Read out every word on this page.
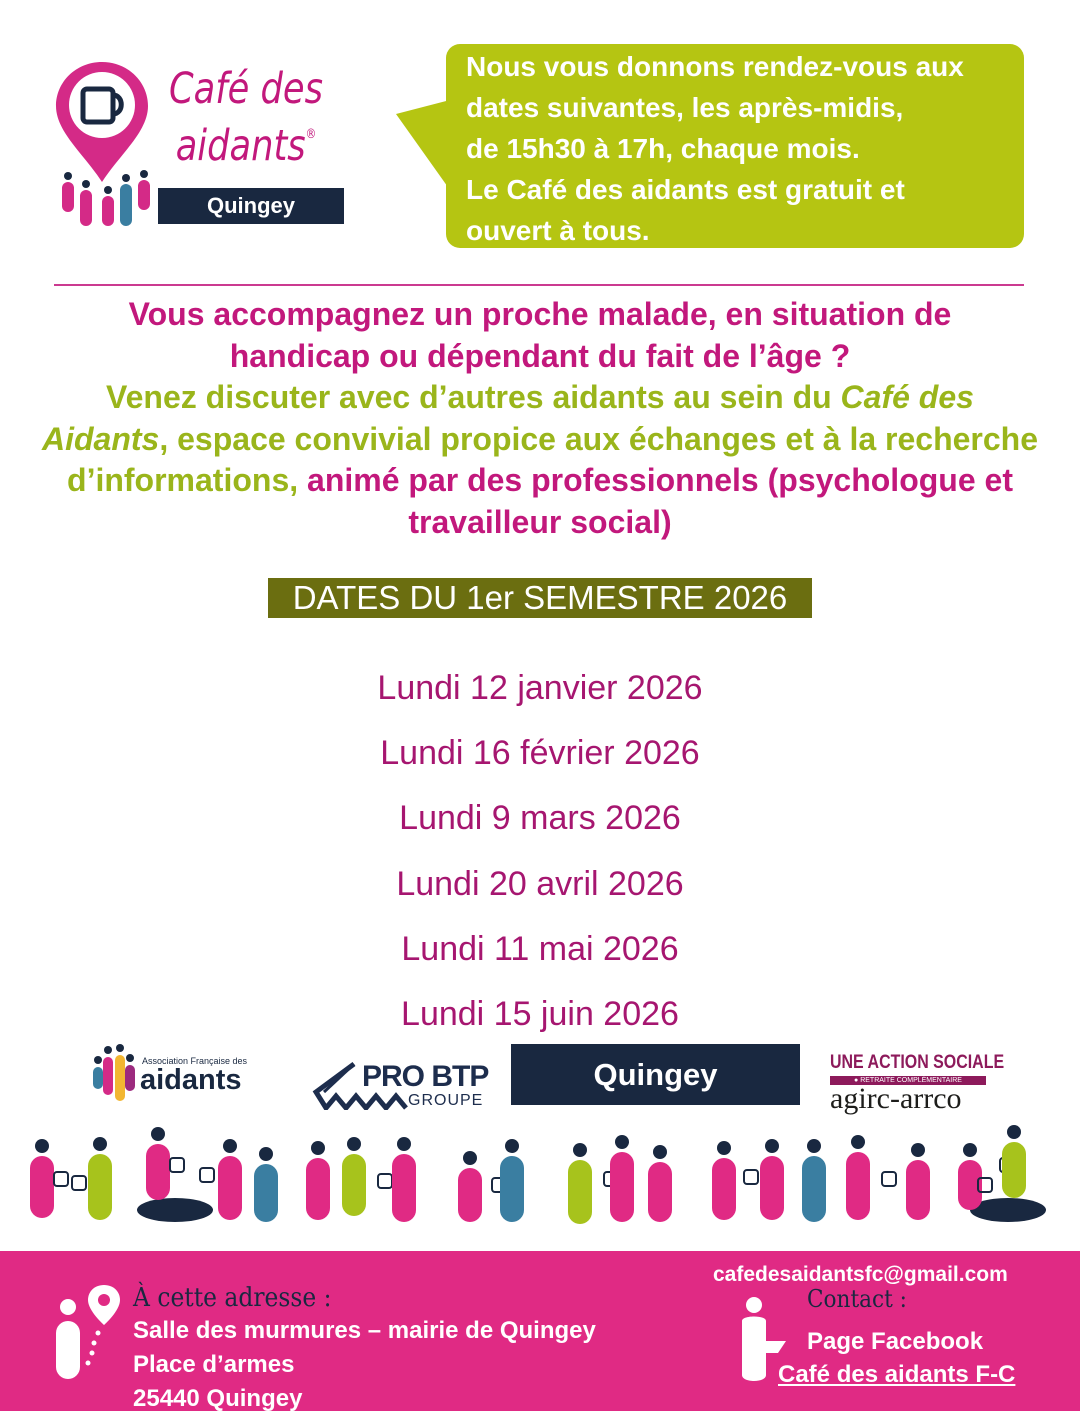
Café des
aidants®
Quingey

Nous vous donnons rendez-vous aux

dates suivantes, les après-midis,

de 15h30 à 17h, chaque mois.

Le Café des aidants est gratuit et

ouvert à tous.

Vous accompagnez un proche malade, en situation de
handicap ou dépendant du fait de l’âge ?
Venez discuter avec d’autres aidants au sein du Café des Aidants, espace convivial propice aux échanges et à la recherche d’informations, animé par des professionnels (psychologue et travailleur social)
DATES DU 1er SEMESTRE 2026
Lundi 12 janvier 2026
Lundi 16 février 2026
Lundi 9 mars 2026
Lundi 20 avril 2026
Lundi 11 mai 2026
Lundi 15 juin 2026
Association Française des
aidants	PRO BTP
GROUPE
Quingey	UNE ACTION SOCIALE
● RETRAITE COMPLÉMENTAIRE
agirc-arrco
À cette adresse :
Salle des murmures – mairie de Quingey
Place d’armes
25440 Quingey
cafedesaidantsfc@gmail.com
Contact :
Page Facebook
Café des aidants F-C
